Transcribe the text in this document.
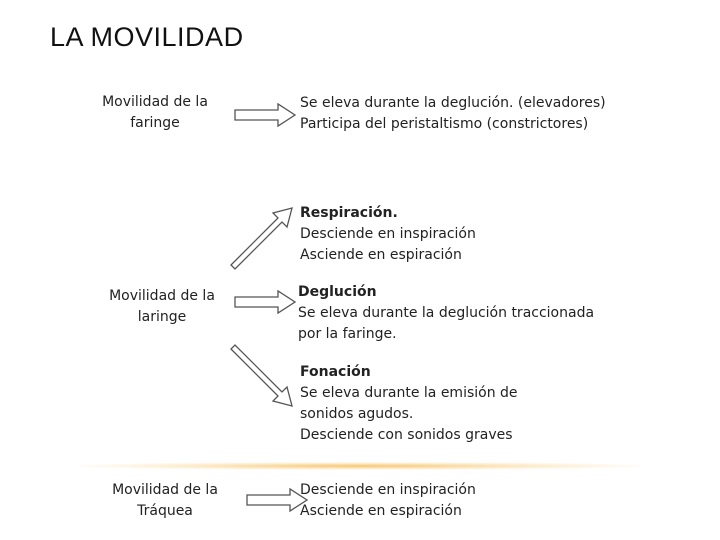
LA MOVILIDAD
Movilidad de la
faringe
Se eleva durante la deglución. (elevadores)
Participa del peristaltismo (constrictores)
Respiración.
Desciende en inspiración
Asciende en espiración
Movilidad de la
laringe
Deglución
Se eleva durante la deglución traccionada
por la faringe.
Fonación
Se eleva durante la emisión de
sonidos agudos.
Desciende con sonidos graves
Movilidad de la
Tráquea
Desciende en inspiración
Asciende en espiración
